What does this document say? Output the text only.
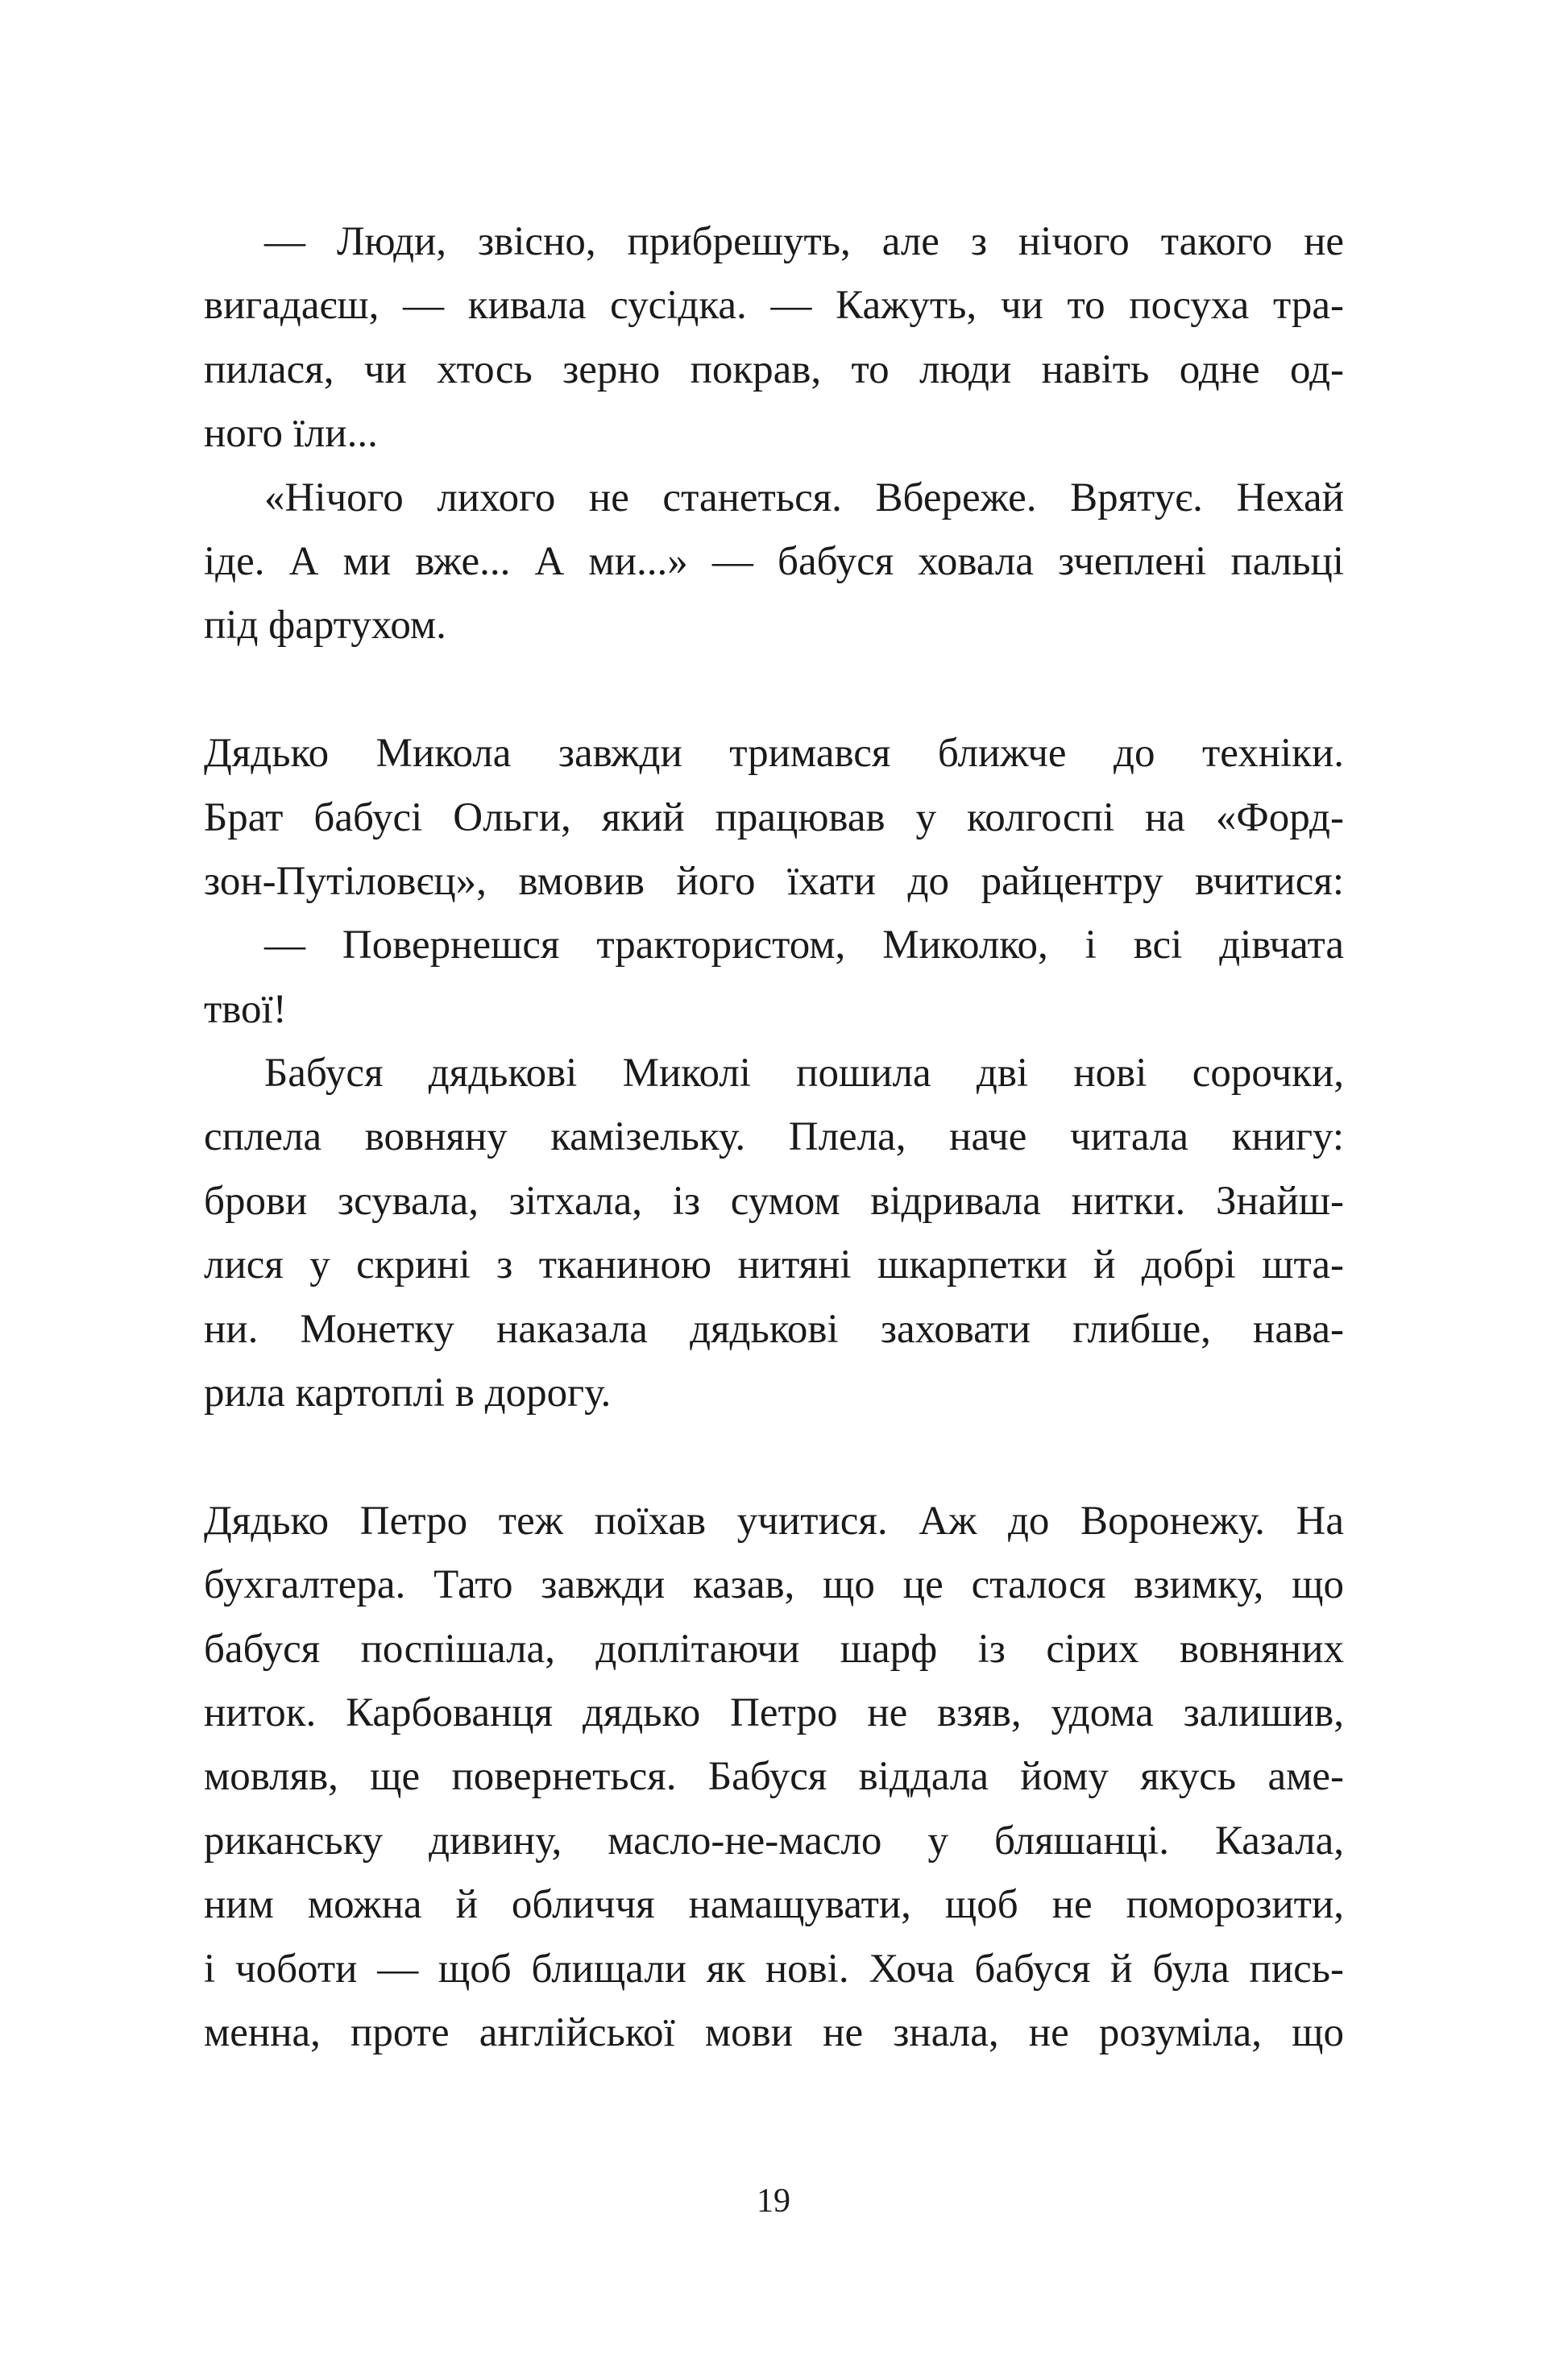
— Люди, звісно, прибрешуть, але з нічого такого не
вигадаєш, — кивала сусідка. — Кажуть, чи то посуха тра-
пилася, чи хтось зерно покрав, то люди навіть одне од-
ного їли...
«Нічого лихого не станеться. Вбереже. Врятує. Нехай
іде. А ми вже... А ми...» — бабуся ховала зчеплені пальці
під фартухом.
Дядько Микола завжди тримався ближче до техніки.
Брат бабусі Ольги, який працював у колгоспі на «Форд-
зон-Путіловєц», вмовив його їхати до райцентру вчитися:
— Повернешся трактористом, Миколко, і всі дівчата
твої!
Бабуся дядькові Миколі пошила дві нові сорочки,
сплела вовняну камізельку. Плела, наче читала книгу:
брови зсувала, зітхала, із сумом відривала нитки. Знайш-
лися у скрині з тканиною нитяні шкарпетки й добрі шта-
ни. Монетку наказала дядькові заховати глибше, нава-
рила картоплі в дорогу.
Дядько Петро теж поїхав учитися. Аж до Воронежу. На
бухгалтера. Тато завжди казав, що це сталося взимку, що
бабуся поспішала, доплітаючи шарф із сірих вовняних
ниток. Карбованця дядько Петро не взяв, удома залишив,
мовляв, ще повернеться. Бабуся віддала йому якусь аме-
риканську дивину, масло-не-масло у бляшанці. Казала,
ним можна й обличчя намащувати, щоб не поморозити,
і чоботи — щоб блищали як нові. Хоча бабуся й була пись-
менна, проте англійської мови не знала, не розуміла, що
19
